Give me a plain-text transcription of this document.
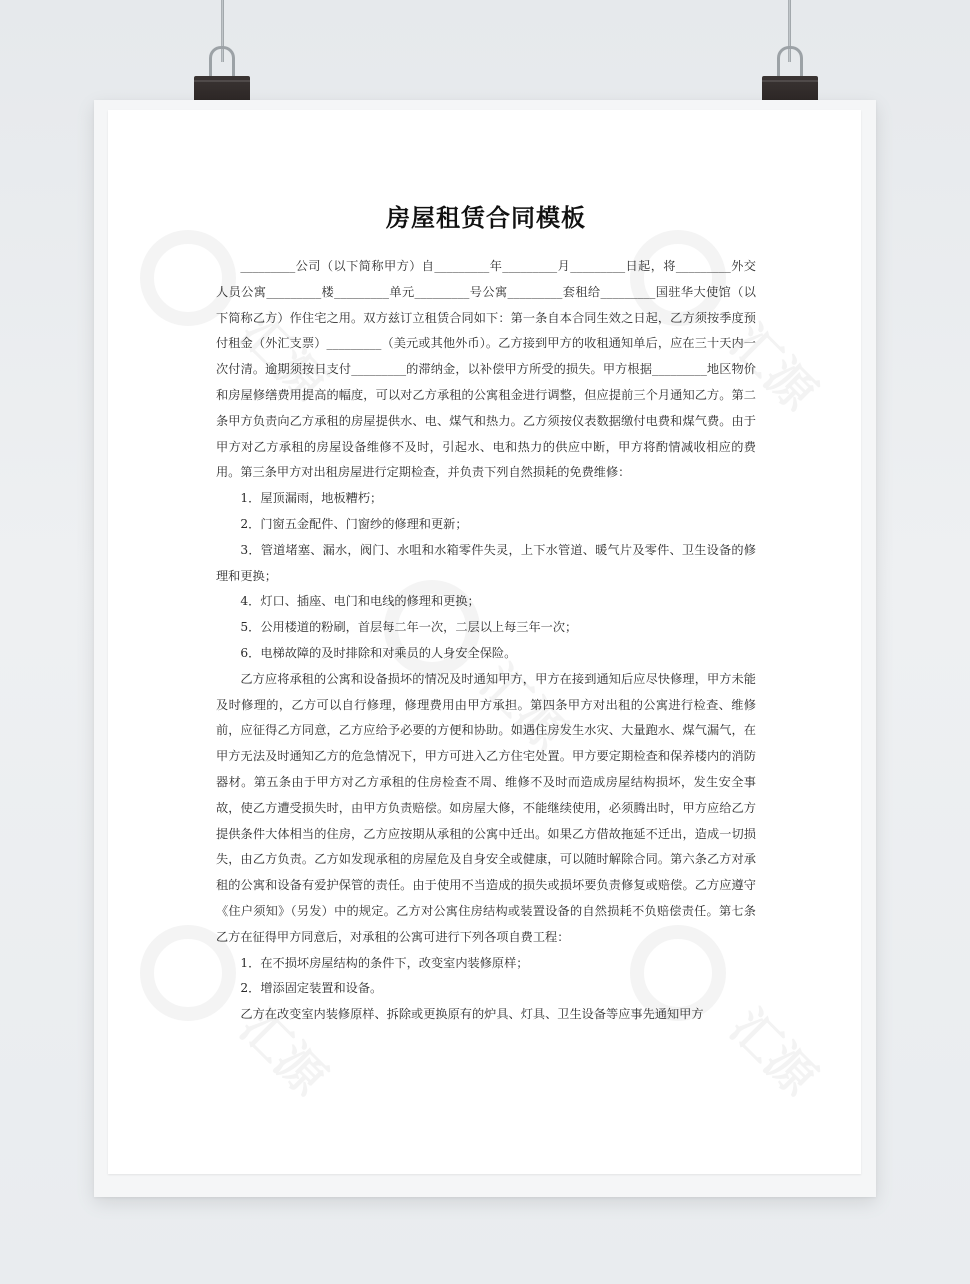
汇源	汇源
汇源
汇源	汇源
房屋租赁合同模板

_________公司（以下简称甲方）自_________年_________月_________日起，将_________外交人员公寓_________楼_________单元_________号公寓_________套租给_________国驻华大使馆（以下简称乙方）作住宅之用。双方兹订立租赁合同如下：第一条自本合同生效之日起，乙方须按季度预付租金（外汇支票）_________（美元或其他外币）。乙方接到甲方的收租通知单后，应在三十天内一次付清。逾期须按日支付_________的滞纳金，以补偿甲方所受的损失。甲方根据_________地区物价和房屋修缮费用提高的幅度，可以对乙方承租的公寓租金进行调整，但应提前三个月通知乙方。第二条甲方负责向乙方承租的房屋提供水、电、煤气和热力。乙方须按仪表数据缴付电费和煤气费。由于甲方对乙方承租的房屋设备维修不及时，引起水、电和热力的供应中断，甲方将酌情减收相应的费用。第三条甲方对出租房屋进行定期检查，并负责下列自然损耗的免费维修：

1．屋顶漏雨，地板糟朽；

2．门窗五金配件、门窗纱的修理和更新；

3．管道堵塞、漏水，阀门、水咀和水箱零件失灵，上下水管道、暖气片及零件、卫生设备的修理和更换；

4．灯口、插座、电门和电线的修理和更换；

5．公用楼道的粉刷，首层每二年一次，二层以上每三年一次；

6．电梯故障的及时排除和对乘员的人身安全保险。

乙方应将承租的公寓和设备损坏的情况及时通知甲方，甲方在接到通知后应尽快修理，甲方未能及时修理的，乙方可以自行修理，修理费用由甲方承担。第四条甲方对出租的公寓进行检查、维修前，应征得乙方同意，乙方应给予必要的方便和协助。如遇住房发生水灾、大量跑水、煤气漏气，在甲方无法及时通知乙方的危急情况下，甲方可进入乙方住宅处置。甲方要定期检查和保养楼内的消防器材。第五条由于甲方对乙方承租的住房检查不周、维修不及时而造成房屋结构损坏，发生安全事故，使乙方遭受损失时，由甲方负责赔偿。如房屋大修，不能继续使用，必须腾出时，甲方应给乙方提供条件大体相当的住房，乙方应按期从承租的公寓中迁出。如果乙方借故拖延不迁出，造成一切损失，由乙方负责。乙方如发现承租的房屋危及自身安全或健康，可以随时解除合同。第六条乙方对承租的公寓和设备有爱护保管的责任。由于使用不当造成的损失或损坏要负责修复或赔偿。乙方应遵守《住户须知》（另发）中的规定。乙方对公寓住房结构或装置设备的自然损耗不负赔偿责任。第七条乙方在征得甲方同意后，对承租的公寓可进行下列各项自费工程：

1．在不损坏房屋结构的条件下，改变室内装修原样；

2．增添固定装置和设备。

乙方在改变室内装修原样、拆除或更换原有的炉具、灯具、卫生设备等应事先通知甲方
